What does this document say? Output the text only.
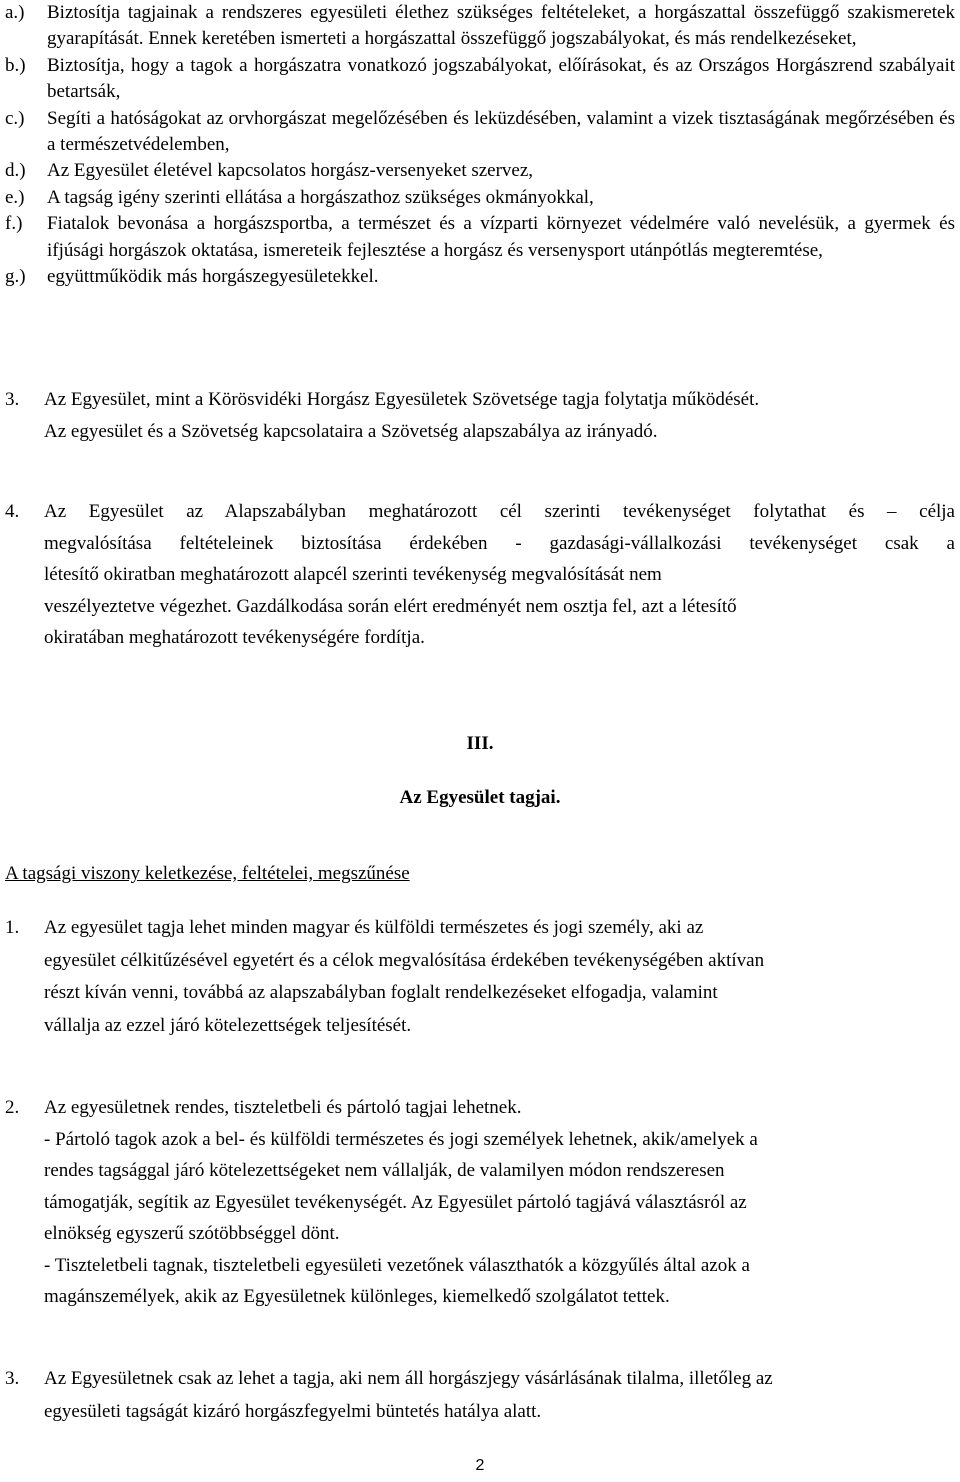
a.)	Biztosítja tagjainak a rendszeres egyesületi élethez szükséges feltételeket, a horgászattal összefüggő szakismeretek gyarapítását. Ennek keretében ismerteti a horgászattal összefüggő jogszabályokat, és más rendelkezéseket,
b.)	Biztosítja, hogy a tagok a horgászatra vonatkozó jogszabályokat, előírásokat, és az Országos Horgászrend szabályait betartsák,
c.)	Segíti a hatóságokat az orvhorgászat megelőzésében és leküzdésében, valamint a vizek tisztaságának megőrzésében és a természetvédelemben,
d.)	Az Egyesület életével kapcsolatos horgász-versenyeket szervez,
e.)	A tagság igény szerinti ellátása a horgászathoz szükséges okmányokkal,
f.)	Fiatalok bevonása a horgászsportba, a természet és a vízparti környezet védelmére való nevelésük, a gyermek és ifjúsági horgászok oktatása, ismereteik fejlesztése a horgász és versenysport utánpótlás megteremtése,
g.)	együttműködik más horgászegyesületekkel.
3.	Az Egyesület, mint a Körösvidéki Horgász Egyesületek Szövetsége tagja folytatja működését.

Az egyesület és a Szövetség kapcsolataira a Szövetség alapszabálya az irányadó.

4.	Az Egyesület az Alapszabályban meghatározott cél szerinti tevékenységet folytathat és – célja

megvalósítása feltételeinek biztosítása érdekében - gazdasági-vállalkozási tevékenységet csak a

létesítő okiratban meghatározott alapcél szerinti tevékenység megvalósítását nem

veszélyeztetve végezhet. Gazdálkodása során elért eredményét nem osztja fel, azt a létesítő

okiratában meghatározott tevékenységére fordítja.

III.
Az Egyesület tagjai.
A tagsági viszony keletkezése, feltételei, megszűnése
1.	Az egyesület tagja lehet minden magyar és külföldi természetes és jogi személy, aki az

egyesület célkitűzésével egyetért és a célok megvalósítása érdekében tevékenységében aktívan

részt kíván venni, továbbá az alapszabályban foglalt rendelkezéseket elfogadja, valamint

vállalja az ezzel járó kötelezettségek teljesítését.

2.	Az egyesületnek rendes, tiszteletbeli és pártoló tagjai lehetnek.

- Pártoló tagok azok a bel- és külföldi természetes és jogi személyek lehetnek, akik/amelyek a

rendes tagsággal járó kötelezettségeket nem vállalják, de valamilyen módon rendszeresen

támogatják, segítik az Egyesület tevékenységét. Az Egyesület pártoló tagjává választásról az

elnökség egyszerű szótöbbséggel dönt.

- Tiszteletbeli tagnak, tiszteletbeli egyesületi vezetőnek választhatók a közgyűlés által azok a

magánszemélyek, akik az Egyesületnek különleges, kiemelkedő szolgálatot tettek.

3.	Az Egyesületnek csak az lehet a tagja, aki nem áll horgászjegy vásárlásának tilalma, illetőleg az

egyesületi tagságát kizáró horgászfegyelmi büntetés hatálya alatt.

2
